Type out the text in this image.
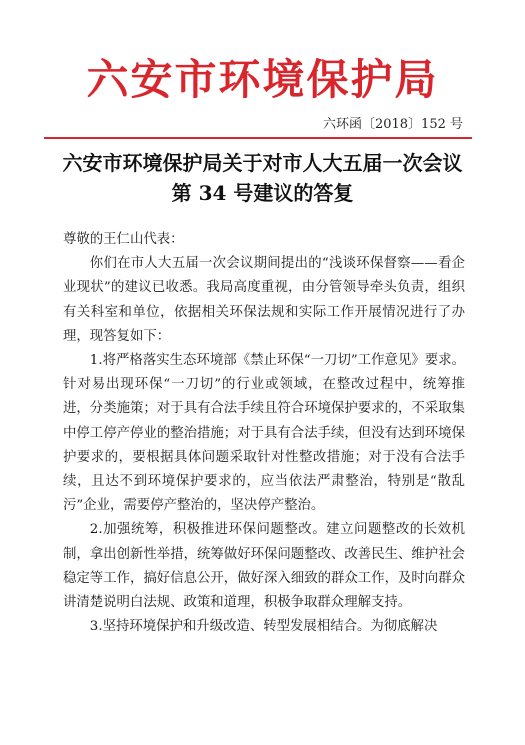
六安市环境保护局
六环函〔2018〕152 号
六安市环境保护局关于对市人大五届一次会议
第 34 号建议的答复

尊敬的王仁山代表：

你们在市人大五届一次会议期间提出的“浅谈环保督察——看企业现状”的建议已收悉。我局高度重视，由分管领导牵头负责，组织有关科室和单位，依据相关环保法规和实际工作开展情况进行了办理，现答复如下：

1.将严格落实生态环境部《禁止环保“一刀切”工作意见》要求。针对易出现环保“一刀切”的行业或领域，在整改过程中，统筹推进，分类施策；对于具有合法手续且符合环境保护要求的，不采取集中停工停产停业的整治措施；对于具有合法手续，但没有达到环境保护要求的，要根据具体问题采取针对性整改措施；对于没有合法手续，且达不到环境保护要求的，应当依法严肃整治，特别是“散乱污”企业，需要停产整治的，坚决停产整治。

2.加强统筹，积极推进环保问题整改。建立问题整改的长效机制，拿出创新性举措，统筹做好环保问题整改、改善民生、维护社会稳定等工作，搞好信息公开，做好深入细致的群众工作，及时向群众讲清楚说明白法规、政策和道理，积极争取群众理解支持。

3.坚持环境保护和升级改造、转型发展相结合。为彻底解决
